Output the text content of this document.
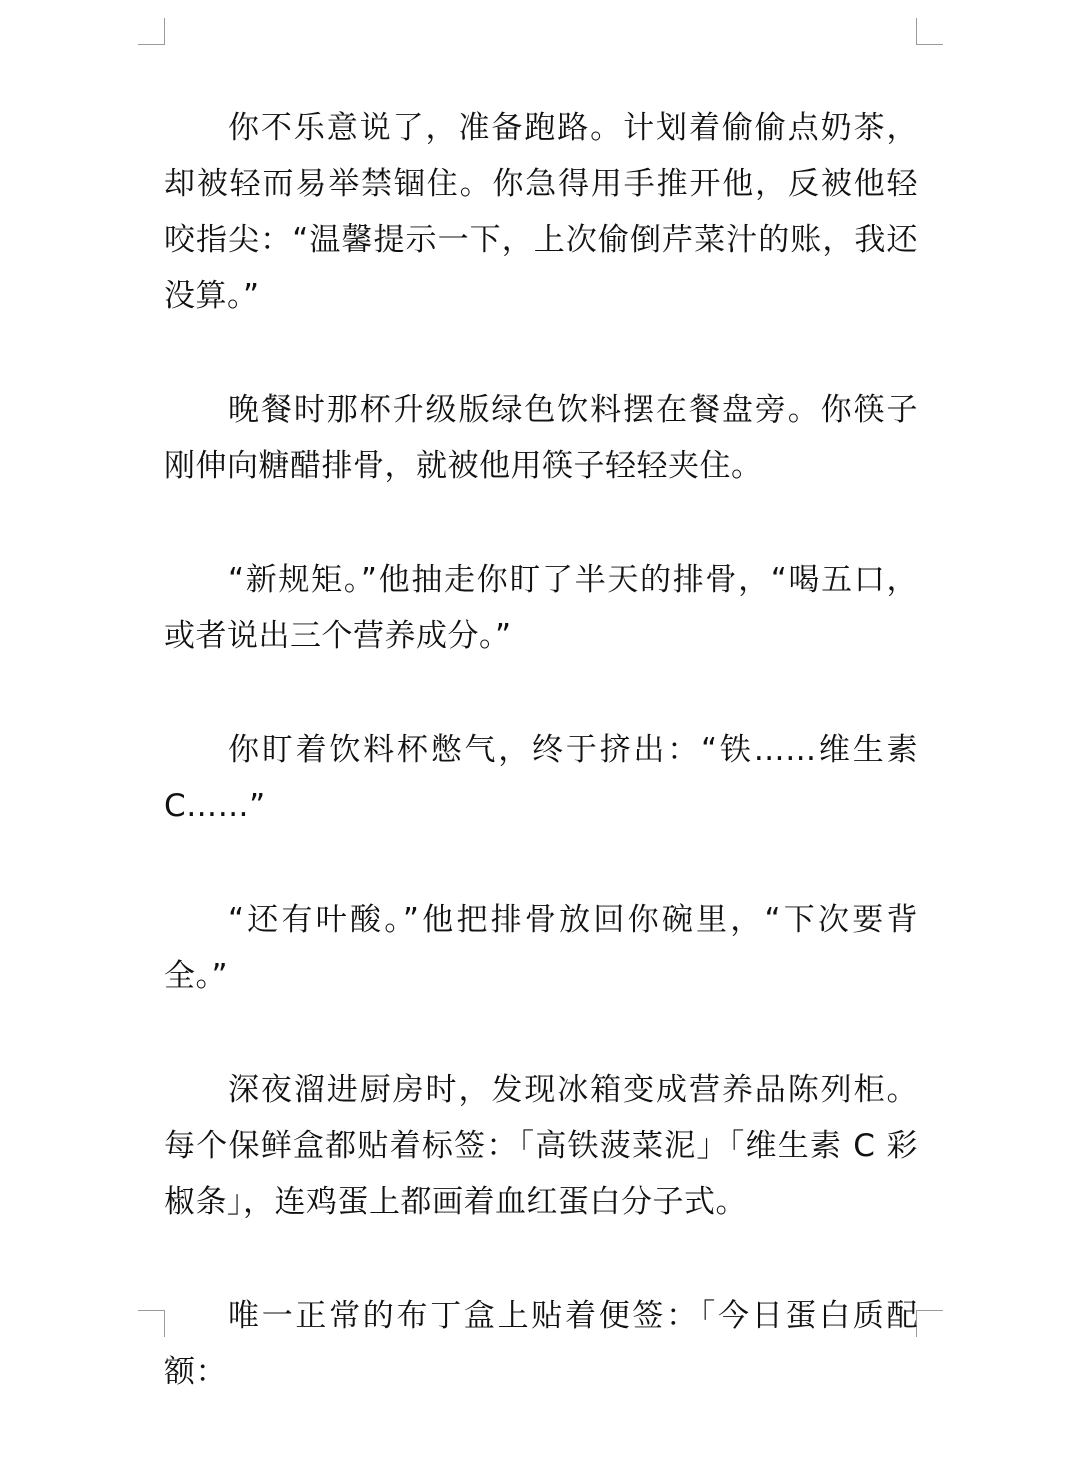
你不乐意说了，准备跑路。计划着偷偷点奶茶，却被轻而易举禁锢住。你急得用手推开他，反被他轻咬指尖：“温馨提示一下，上次偷倒芹菜汁的账，我还没算。”

晚餐时那杯升级版绿色饮料摆在餐盘旁。你筷子刚伸向糖醋排骨，就被他用筷子轻轻夹住。

“新规矩。”他抽走你盯了半天的排骨，“喝五口，或者说出三个营养成分。”

你盯着饮料杯憋气，终于挤出：“铁……维生素C……”

“还有叶酸。”他把排骨放回你碗里，“下次要背全。”

深夜溜进厨房时，发现冰箱变成营养品陈列柜。每个保鲜盒都贴着标签：「高铁菠菜泥」「维生素 C 彩椒条」，连鸡蛋上都画着血红蛋白分子式。

唯一正常的布丁盒上贴着便签：「今日蛋白质配额：
